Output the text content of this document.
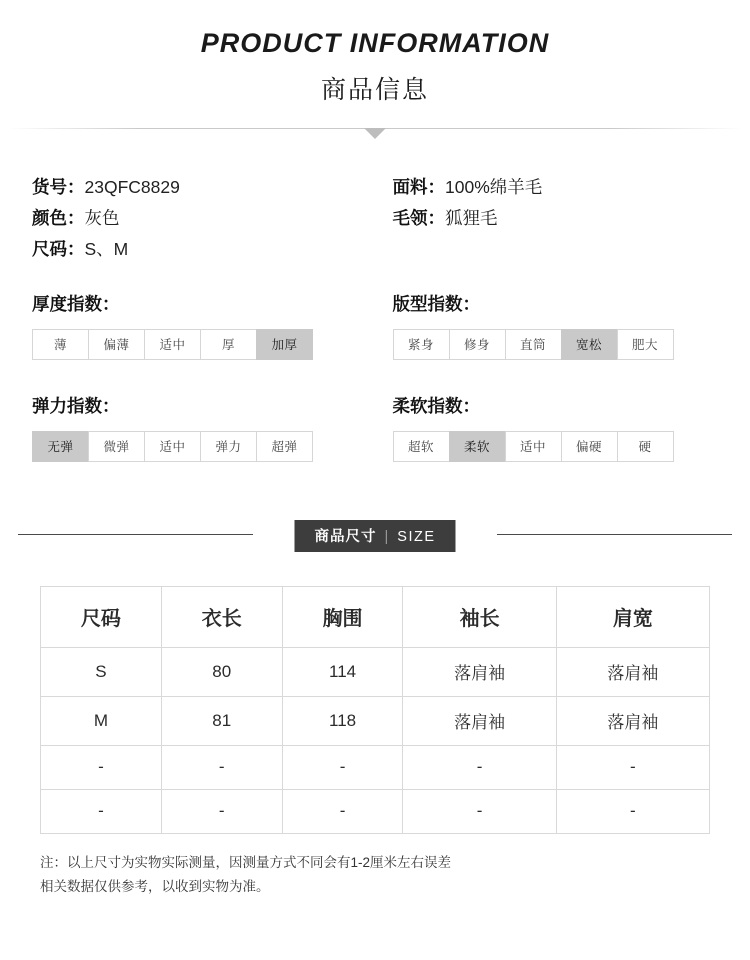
PRODUCT INFORMATION
商品信息
货号：23QFC8829
颜色：灰色
尺码：S、M
面料：100%绵羊毛
毛领：狐狸毛
厚度指数：
薄	偏薄	适中	厚	加厚
版型指数：
紧身	修身	直筒	宽松	肥大
弹力指数：
无弹	微弹	适中	弹力	超弹
柔软指数：
超软	柔软	适中	偏硬	硬
商品尺寸 | SIZE
尺码	衣长	胸围	袖长	肩宽
S	80	114	落肩袖	落肩袖
M	81	118	落肩袖	落肩袖
-	-	-	-	-
-	-	-	-	-
注：以上尺寸为实物实际测量，因测量方式不同会有1-2厘米左右误差
相关数据仅供参考，以收到实物为准。
